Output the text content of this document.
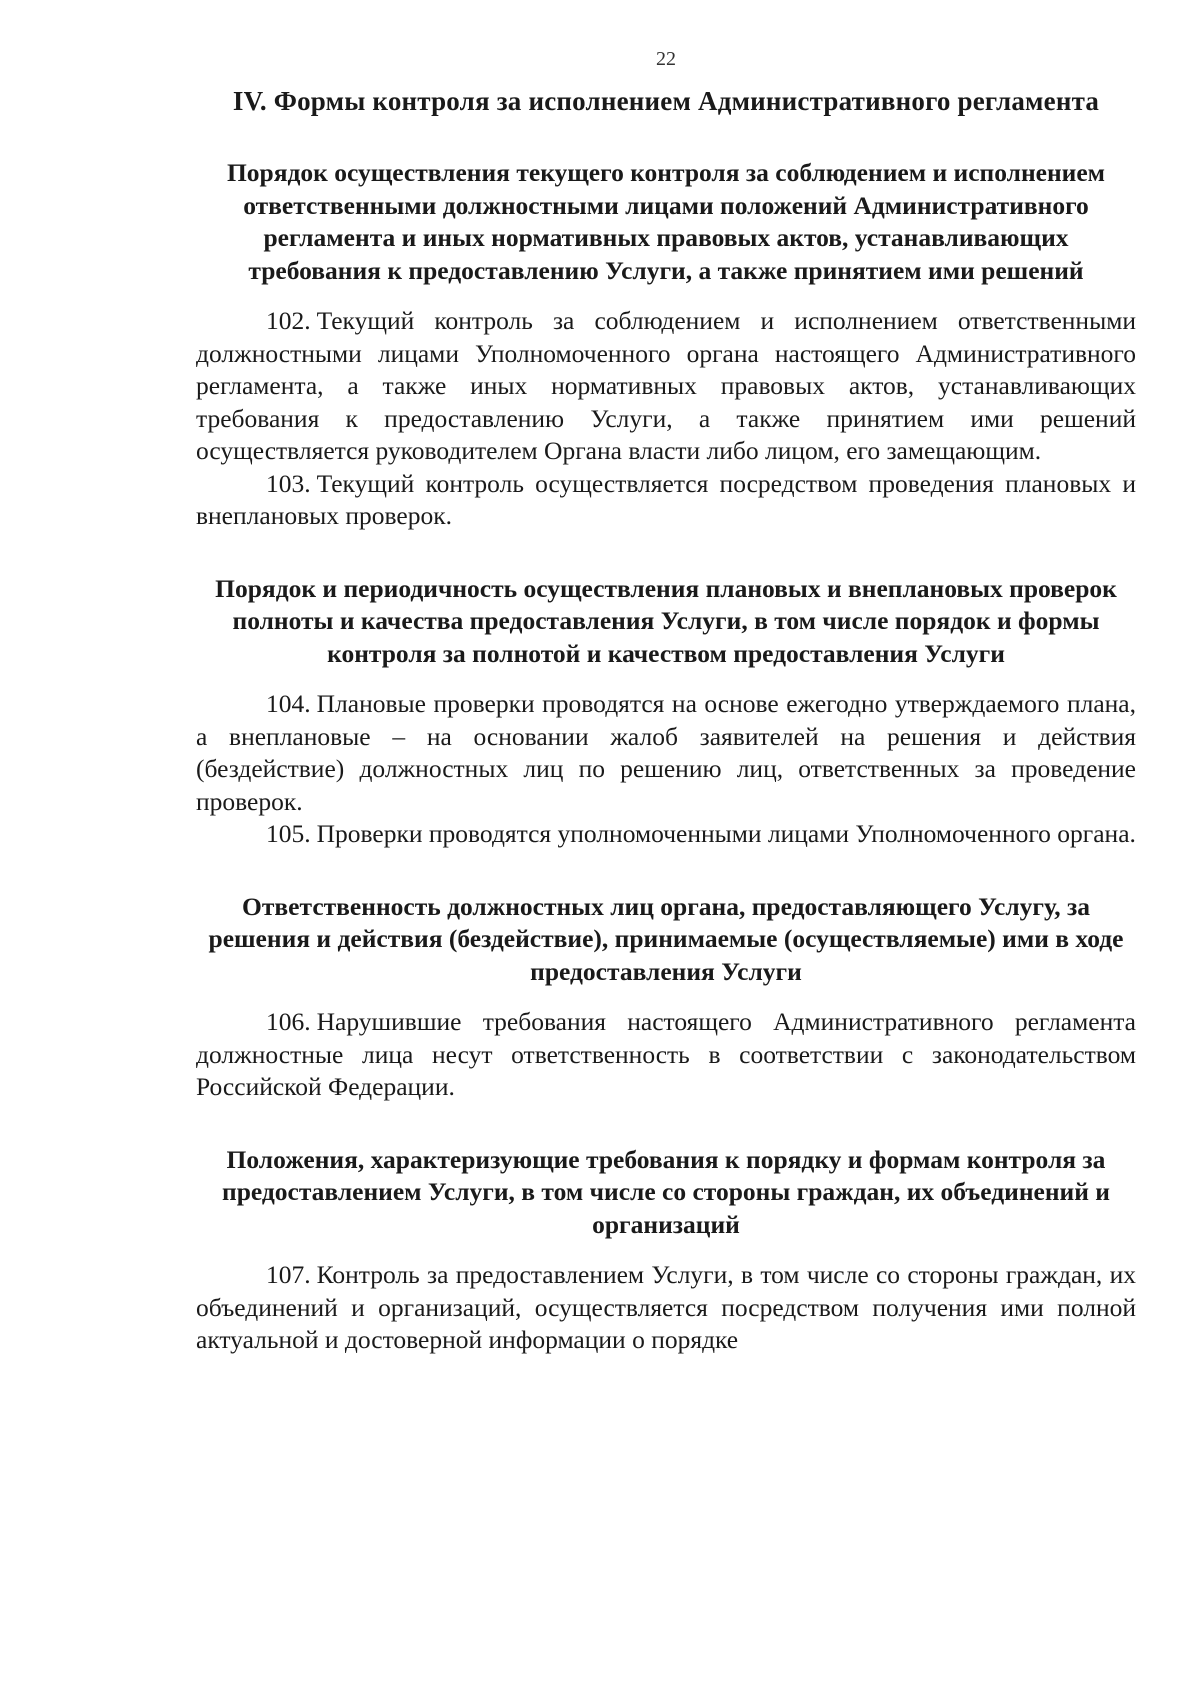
22
IV. Формы контроля за исполнением Административного регламента
Порядок осуществления текущего контроля за соблюдением и исполнением ответственными должностными лицами положений Административного регламента и иных нормативных правовых актов, устанавливающих требования к предоставлению Услуги, а также принятием ими решений

102. Текущий контроль за соблюдением и исполнением ответственными должностными лицами Уполномоченного органа настоящего Административного регламента, а также иных нормативных правовых актов, устанавливающих требования к предоставлению Услуги, а также принятием ими решений осуществляется руководителем Органа власти либо лицом, его замещающим.

103. Текущий контроль осуществляется посредством проведения плановых и внеплановых проверок.

Порядок и периодичность осуществления плановых и внеплановых проверок полноты и качества предоставления Услуги, в том числе порядок и формы контроля за полнотой и качеством предоставления Услуги

104. Плановые проверки проводятся на основе ежегодно утверждаемого плана, а внеплановые – на основании жалоб заявителей на решения и действия (бездействие) должностных лиц по решению лиц, ответственных за проведение проверок.

105. Проверки проводятся уполномоченными лицами Уполномоченного органа.

Ответственность должностных лиц органа, предоставляющего Услугу, за решения и действия (бездействие), принимаемые (осуществляемые) ими в ходе предоставления Услуги

106. Нарушившие требования настоящего Административного регламента должностные лица несут ответственность в соответствии с законодательством Российской Федерации.

Положения, характеризующие требования к порядку и формам контроля за предоставлением Услуги, в том числе со стороны граждан, их объединений и организаций

107. Контроль за предоставлением Услуги, в том числе со стороны граждан, их объединений и организаций, осуществляется посредством получения ими полной актуальной и достоверной информации о порядке
